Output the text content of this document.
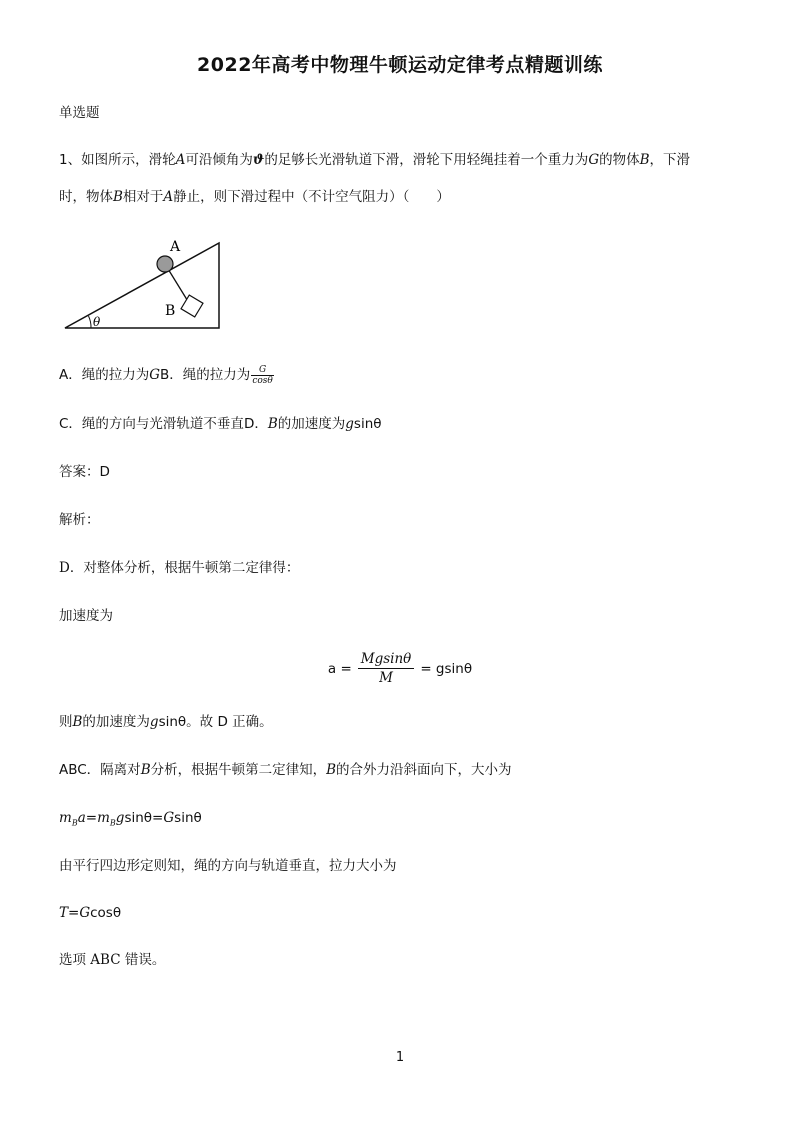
2022年高考中物理牛顿运动定律考点精题训练
单选题
1、如图所示，滑轮A可沿倾角为ϑ的足够长光滑轨道下滑，滑轮下用轻绳挂着一个重力为G的物体B，下滑
时，物体B相对于A静止，则下滑过程中（不计空气阻力）（　　）
θ
A
B
A．绳的拉力为GB．绳的拉力为 $\frac{G}{\cos\theta}$
C．绳的方向与光滑轨道不垂直D．B的加速度为gsinθ
答案：D
解析：
D．对整体分析，根据牛顿第二定律得：
加速度为
$a = \frac{Mgsin\theta}{M} = gsin\theta$
则B的加速度为gsinθ。故 D 正确。
ABC．隔离对B分析，根据牛顿第二定律知，B的合外力沿斜面向下，大小为
$m_Ba=m_Bgsin\theta=Gsin\theta$
由平行四边形定则知，绳的方向与轨道垂直，拉力大小为
T=Gcosθ
选项 ABC 错误。
1
